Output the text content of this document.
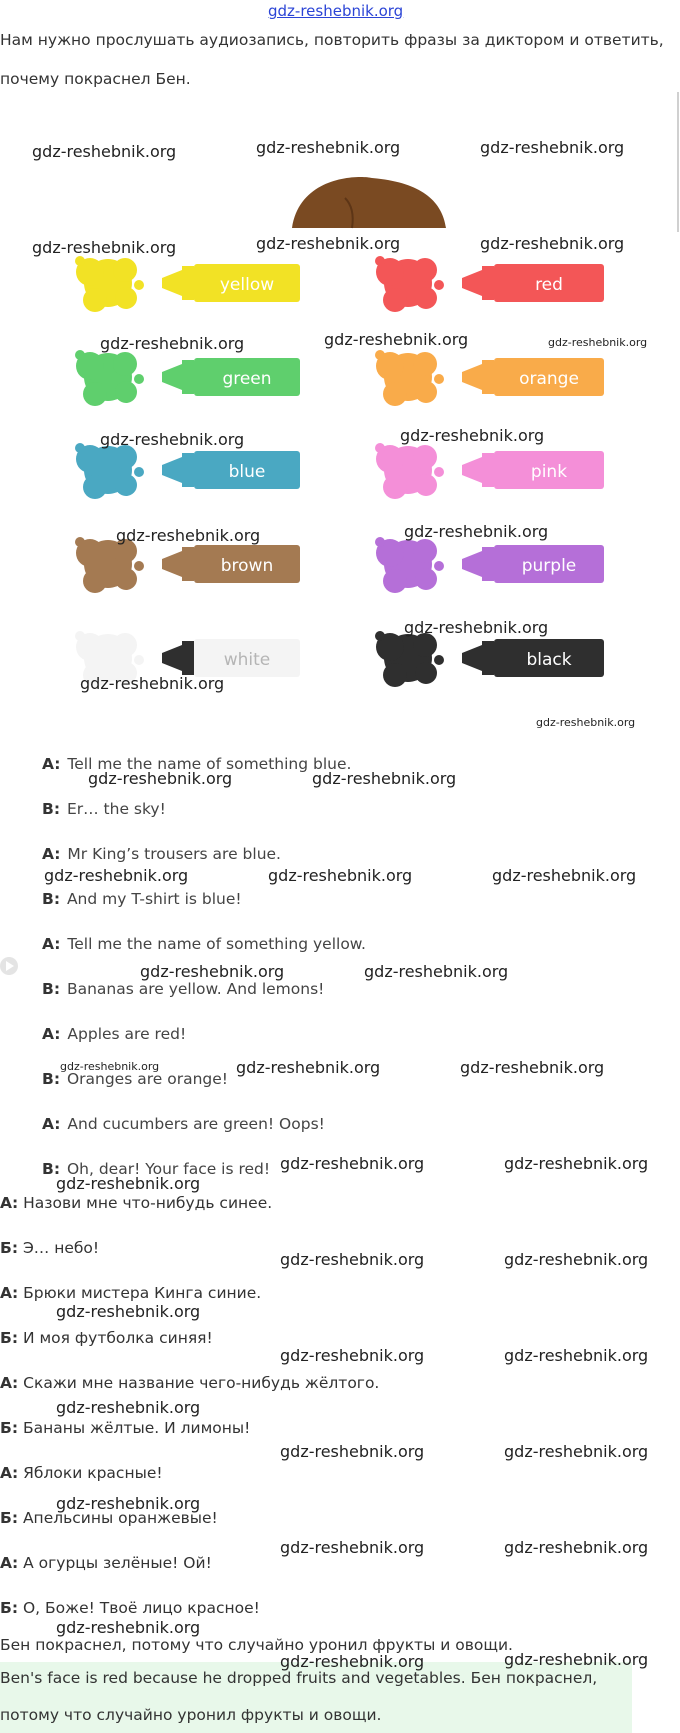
gdz-reshebnik.org
Нам нужно прослушать аудиозапись, повторить фразы за диктором и ответить,
почему покраснел Бен.
yellow	red
green	orange
blue	pink
brown	purple
white	black
A: Tell me the name of something blue.
B: Er… the sky!
A: Mr King’s trousers are blue.
B: And my T-shirt is blue!
A: Tell me the name of something yellow.
B: Bananas are yellow. And lemons!
A: Apples are red!
B: Oranges are orange!
A: And cucumbers are green! Oops!
B: Oh, dear! Your face is red!
А: Назови мне что-нибудь синее.
Б: Э… небо!
А: Брюки мистера Кинга синие.
Б: И моя футболка синяя!
А: Скажи мне название чего-нибудь жёлтого.
Б: Бананы жёлтые. И лимоны!
А: Яблоки красные!
Б: Апельсины оранжевые!
А: А огурцы зелёные! Ой!
Б: О, Боже! Твоё лицо красное!
Бен покраснел, потому что случайно уронил фрукты и овощи.
Ben's face is red because he dropped fruits and vegetables. Бен покраснел,
потому что случайно уронил фрукты и овощи.
gdz-reshebnik.org	gdz-reshebnik.org	gdz-reshebnik.org
gdz-reshebnik.org	gdz-reshebnik.org	gdz-reshebnik.org
gdz-reshebnik.org	gdz-reshebnik.org	gdz-reshebnik.org
gdz-reshebnik.org	gdz-reshebnik.org
gdz-reshebnik.org	gdz-reshebnik.org
gdz-reshebnik.org
gdz-reshebnik.org
gdz-reshebnik.org
gdz-reshebnik.org	gdz-reshebnik.org
gdz-reshebnik.org	gdz-reshebnik.org	gdz-reshebnik.org
gdz-reshebnik.org	gdz-reshebnik.org
gdz-reshebnik.org	gdz-reshebnik.org	gdz-reshebnik.org
gdz-reshebnik.org	gdz-reshebnik.org
gdz-reshebnik.org
gdz-reshebnik.org	gdz-reshebnik.org
gdz-reshebnik.org
gdz-reshebnik.org	gdz-reshebnik.org
gdz-reshebnik.org
gdz-reshebnik.org	gdz-reshebnik.org
gdz-reshebnik.org
gdz-reshebnik.org	gdz-reshebnik.org
gdz-reshebnik.org
gdz-reshebnik.org	gdz-reshebnik.org
